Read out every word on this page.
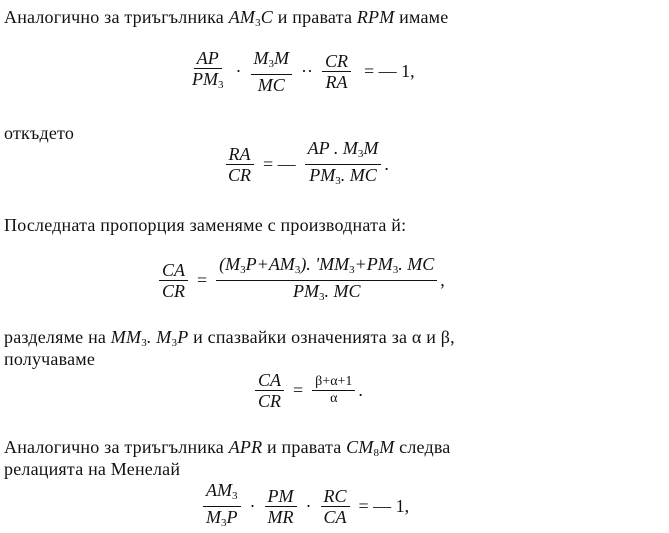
Аналогично за триъгълника $AM_3C$ и правата RPM имаме
$\frac{AP}{PM_3} \cdot \frac{M_3M}{MC} \cdot\cdot \frac{CR}{RA}$ = — 1,
откъдето
$\frac{RA}{CR}$ = — $\frac{AP . M_3M}{PM_3. MC}$ .
Последната пропорция заменяме с производната й:
$\frac{CA}{CR} = \frac{(M_3P+AM_3). 'MM_3+PM_3. MC}{PM_3. MC}$ ,
разделяме на $MM_3$. $M_3P$ и спазвайки означенията за α и β,
получаваме
$\frac{CA}{CR} = \frac{\beta+\alpha+1}{\alpha}$ .
Аналогично за триъгълника APR и правата $CM_8M$ следва
релацията на Менелай
$\frac{AM_3}{M_3P} \cdot \frac{PM}{MR} \cdot \frac{RC}{CA}$ = — 1,
